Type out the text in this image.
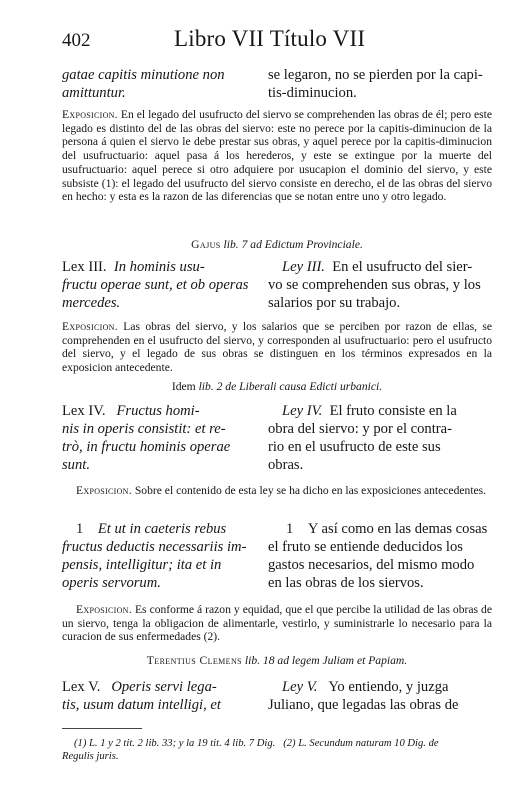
402	Libro VII Título VII
gatae capitis minutione non
amittuntur.
se legaron, no se pierden por la capi-
tis-diminucion.
Exposicion. En el legado del usufructo del siervo se comprehenden las obras de él; pero este legado es distinto del de las obras del siervo: este no perece por la capitis-diminucion de la persona á quien el siervo le debe prestar sus obras, y aquel perece por la capitis-diminucion del usufructuario: aquel pasa á los herederos, y este se extingue por la muerte del usufructuario: aquel perece si otro adquiere por usucapion el dominio del siervo, y este subsiste (1): el legado del usufructo del siervo consiste en derecho, el de las obras del siervo en hecho: y esta es la razon de las diferencias que se notan entre uno y otro legado.
Gajus lib. 7 ad Edictum Provinciale.
Lex III. In hominis usu-
fructu operae sunt, et ob operas
mercedes.
Ley III. En el usufructo del sier-
vo se comprehenden sus obras, y los
salarios por su trabajo.
Exposicion. Las obras del siervo, y los salarios que se perciben por razon de ellas, se comprehenden en el usufructo del siervo, y corresponden al usufructuario: pero el usufructo del siervo, y el legado de sus obras se distinguen en los términos expresados en la exposicion antecedente.
Idem lib. 2 de Liberali causa Edicti urbanici.
Lex IV. Fructus homi-
nis in operis consistit: et re-
trò, in fructu hominis operae
sunt.
Ley IV. El fruto consiste en la
obra del siervo: y por el contra-
rio en el usufructo de este sus
obras.
Exposicion. Sobre el contenido de esta ley se ha dicho en las exposiciones antecedentes.
1 Et ut in caeteris rebus
fructus deductis necessariis im-
pensis, intelligitur; ita et in
operis servorum.
1 Y así como en las demas cosas
el fruto se entiende deducidos los
gastos necesarios, del mismo modo
en las obras de los siervos.
Exposicion. Es conforme á razon y equidad, que el que percibe la utilidad de las obras de un siervo, tenga la obligacion de alimentarle, vestirlo, y suministrarle lo necesario para la curacion de sus enfermedades (2).
Terentius Clemens lib. 18 ad legem Juliam et Papiam.
Lex V. Operis servi lega-
tis, usum datum intelligi, et
Ley V. Yo entiendo, y juzga
Juliano, que legadas las obras de
(1) L. 1 y 2 tit. 2 lib. 33; y la 19 tit. 4 lib. 7 Dig. (2) L. Secundum naturam 10 Dig. de
Regulis juris.
